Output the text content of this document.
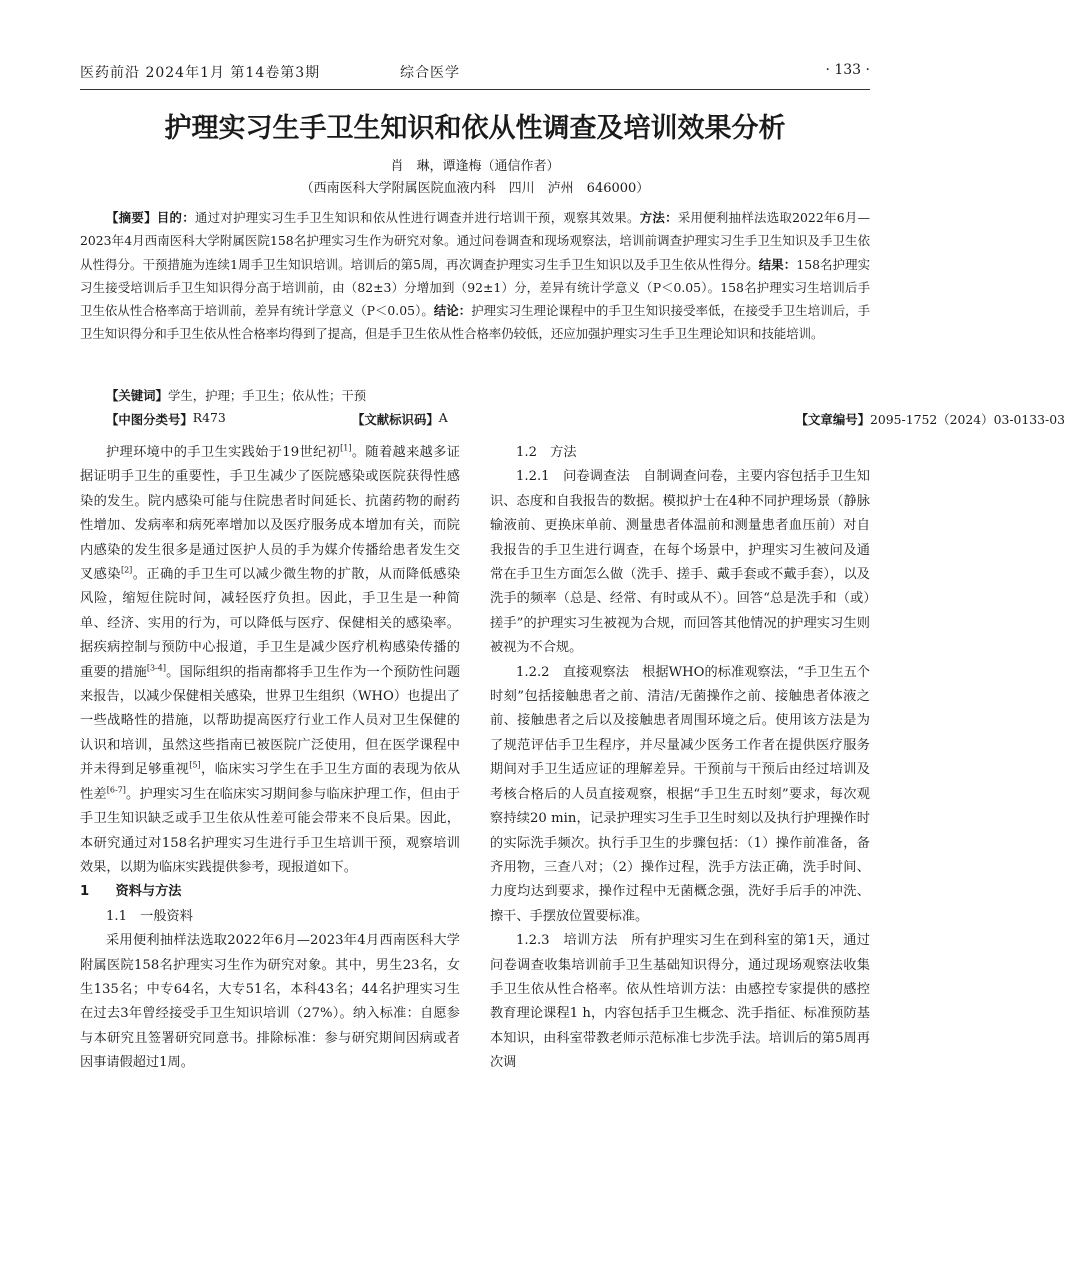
医药前沿 2024年1月 第14卷第3期	综合医学	· 133 ·
护理实习生手卫生知识和依从性调查及培训效果分析
肖　琳，谭逢梅（通信作者）
（西南医科大学附属医院血液内科　四川　泸州　646000）

【摘要】目的：通过对护理实习生手卫生知识和依从性进行调查并进行培训干预，观察其效果。方法：采用便利抽样法选取2022年6月—2023年4月西南医科大学附属医院158名护理实习生作为研究对象。通过问卷调查和现场观察法，培训前调查护理实习生手卫生知识及手卫生依从性得分。干预措施为连续1周手卫生知识培训。培训后的第5周，再次调查护理实习生手卫生知识以及手卫生依从性得分。结果：158名护理实习生接受培训后手卫生知识得分高于培训前，由（82±3）分增加到（92±1）分，差异有统计学意义（P＜0.05）。158名护理实习生培训后手卫生依从性合格率高于培训前，差异有统计学意义（P＜0.05）。结论：护理实习生理论课程中的手卫生知识接受率低，在接受手卫生培训后，手卫生知识得分和手卫生依从性合格率均得到了提高，但是手卫生依从性合格率仍较低，还应加强护理实习生手卫生理论知识和技能培训。

【关键词】学生，护理；手卫生；依从性；干预
【中图分类号】 R473	【文献标识码】 A	【文章编号】 2095-1752（2024）03-0133-03

护理环境中的手卫生实践始于19世纪初[1]。随着越来越多证据证明手卫生的重要性，手卫生减少了医院感染或医院获得性感染的发生。院内感染可能与住院患者时间延长、抗菌药物的耐药性增加、发病率和病死率增加以及医疗服务成本增加有关，而院内感染的发生很多是通过医护人员的手为媒介传播给患者发生交叉感染[2]。正确的手卫生可以减少微生物的扩散，从而降低感染风险，缩短住院时间，减轻医疗负担。因此，手卫生是一种简单、经济、实用的行为，可以降低与医疗、保健相关的感染率。据疾病控制与预防中心报道，手卫生是减少医疗机构感染传播的重要的措施[3-4]。国际组织的指南都将手卫生作为一个预防性问题来报告，以减少保健相关感染，世界卫生组织（WHO）也提出了一些战略性的措施，以帮助提高医疗行业工作人员对卫生保健的认识和培训，虽然这些指南已被医院广泛使用，但在医学课程中并未得到足够重视[5]，临床实习学生在手卫生方面的表现为依从性差[6-7]。护理实习生在临床实习期间参与临床护理工作，但由于手卫生知识缺乏或手卫生依从性差可能会带来不良后果。因此，本研究通过对158名护理实习生进行手卫生培训干预，观察培训效果，以期为临床实践提供参考，现报道如下。

1　　资料与方法

1.1　一般资料

采用便利抽样法选取2022年6月—2023年4月西南医科大学附属医院158名护理实习生作为研究对象。其中，男生23名，女生135名；中专64名，大专51名，本科43名；44名护理实习生在过去3年曾经接受手卫生知识培训（27%）。纳入标准：自愿参与本研究且签署研究同意书。排除标准：参与研究期间因病或者因事请假超过1周。

1.2　方法

1.2.1　问卷调查法　自制调查问卷，主要内容包括手卫生知识、态度和自我报告的数据。模拟护士在4种不同护理场景（静脉输液前、更换床单前、测量患者体温前和测量患者血压前）对自我报告的手卫生进行调查，在每个场景中，护理实习生被问及通常在手卫生方面怎么做（洗手、搓手、戴手套或不戴手套），以及洗手的频率（总是、经常、有时或从不）。回答“总是洗手和（或）搓手”的护理实习生被视为合规，而回答其他情况的护理实习生则被视为不合规。

1.2.2　直接观察法　根据WHO的标准观察法，“手卫生五个时刻”包括接触患者之前、清洁/无菌操作之前、接触患者体液之前、接触患者之后以及接触患者周围环境之后。使用该方法是为了规范评估手卫生程序，并尽量减少医务工作者在提供医疗服务期间对手卫生适应证的理解差异。干预前与干预后由经过培训及考核合格后的人员直接观察，根据“手卫生五时刻”要求，每次观察持续20 min，记录护理实习生手卫生时刻以及执行护理操作时的实际洗手频次。执行手卫生的步骤包括：（1）操作前准备，备齐用物，三查八对；（2）操作过程，洗手方法正确，洗手时间、力度均达到要求，操作过程中无菌概念强，洗好手后手的冲洗、擦干、手摆放位置要标准。

1.2.3　培训方法　所有护理实习生在到科室的第1天，通过问卷调查收集培训前手卫生基础知识得分，通过现场观察法收集手卫生依从性合格率。依从性培训方法：由感控专家提供的感控教育理论课程1 h，内容包括手卫生概念、洗手指征、标准预防基本知识，由科室带教老师示范标准七步洗手法。培训后的第5周再次调
